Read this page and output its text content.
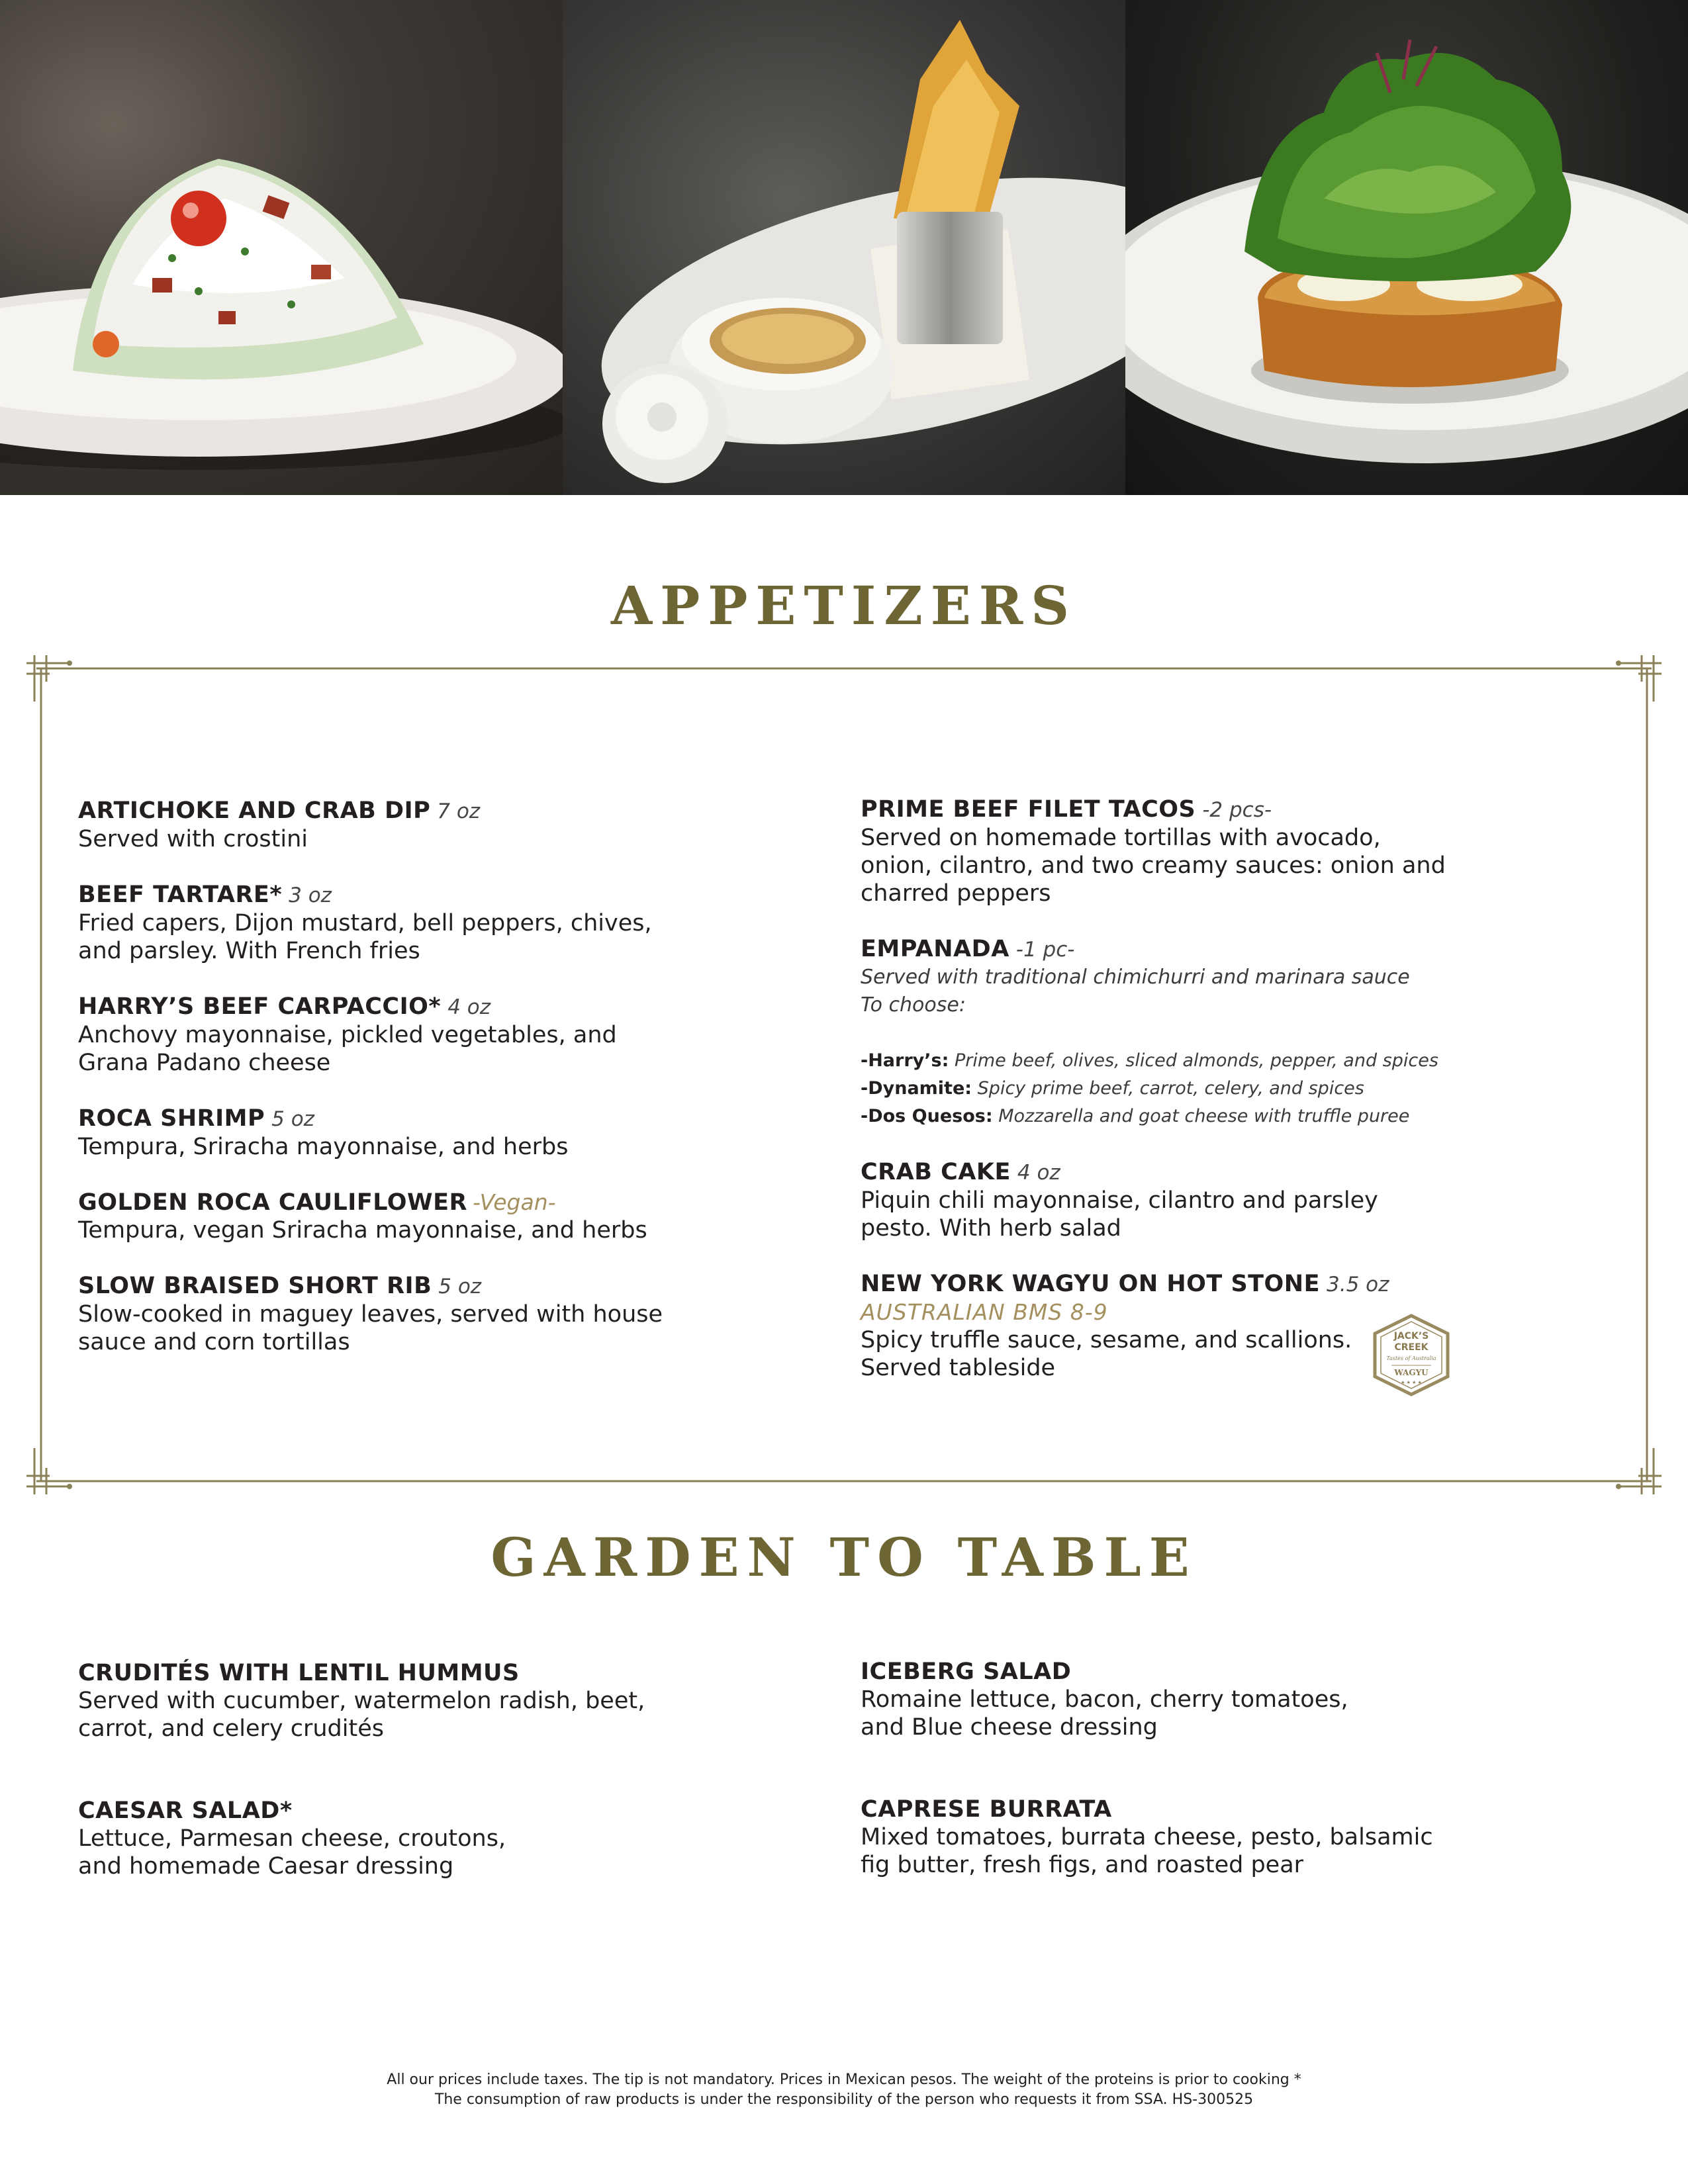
APPETIZERS
ARTICHOKE AND CRAB DIP 7 oz
Served with crostini
BEEF TARTARE* 3 oz
Fried capers, Dijon mustard, bell peppers, chives,
and parsley. With French fries
HARRY’S BEEF CARPACCIO* 4 oz
Anchovy mayonnaise, pickled vegetables, and
Grana Padano cheese
ROCA SHRIMP 5 oz
Tempura, Sriracha mayonnaise, and herbs
GOLDEN ROCA CAULIFLOWER -Vegan-
Tempura, vegan Sriracha mayonnaise, and herbs
SLOW BRAISED SHORT RIB 5 oz
Slow-cooked in maguey leaves, served with house
sauce and corn tortillas
PRIME BEEF FILET TACOS -2 pcs-
Served on homemade tortillas with avocado,
onion, cilantro, and two creamy sauces: onion and
charred peppers
EMPANADA -1 pc-
Served with traditional chimichurri and marinara sauce
To choose:
-Harry’s: Prime beef, olives, sliced almonds, pepper, and spices
-Dynamite: Spicy prime beef, carrot, celery, and spices
-Dos Quesos: Mozzarella and goat cheese with truffle puree
CRAB CAKE 4 oz
Piquin chili mayonnaise, cilantro and parsley
pesto. With herb salad
NEW YORK WAGYU ON HOT STONE 3.5 oz
AUSTRALIAN BMS 8-9
Spicy truffle sauce, sesame, and scallions.
Served tableside
JACK’S
CREEK
Tastes of Australia
WAGYU
★ ★ ★ ★
GARDEN TO TABLE
CRUDITÉS WITH LENTIL HUMMUS
Served with cucumber, watermelon radish, beet,
carrot, and celery crudités
CAESAR SALAD*
Lettuce, Parmesan cheese, croutons,
and homemade Caesar dressing
ICEBERG SALAD
Romaine lettuce, bacon, cherry tomatoes,
and Blue cheese dressing
CAPRESE BURRATA
Mixed tomatoes, burrata cheese, pesto, balsamic
fig butter, fresh figs, and roasted pear
All our prices include taxes. The tip is not mandatory. Prices in Mexican pesos. The weight of the proteins is prior to cooking *
The consumption of raw products is under the responsibility of the person who requests it from SSA. HS-300525
